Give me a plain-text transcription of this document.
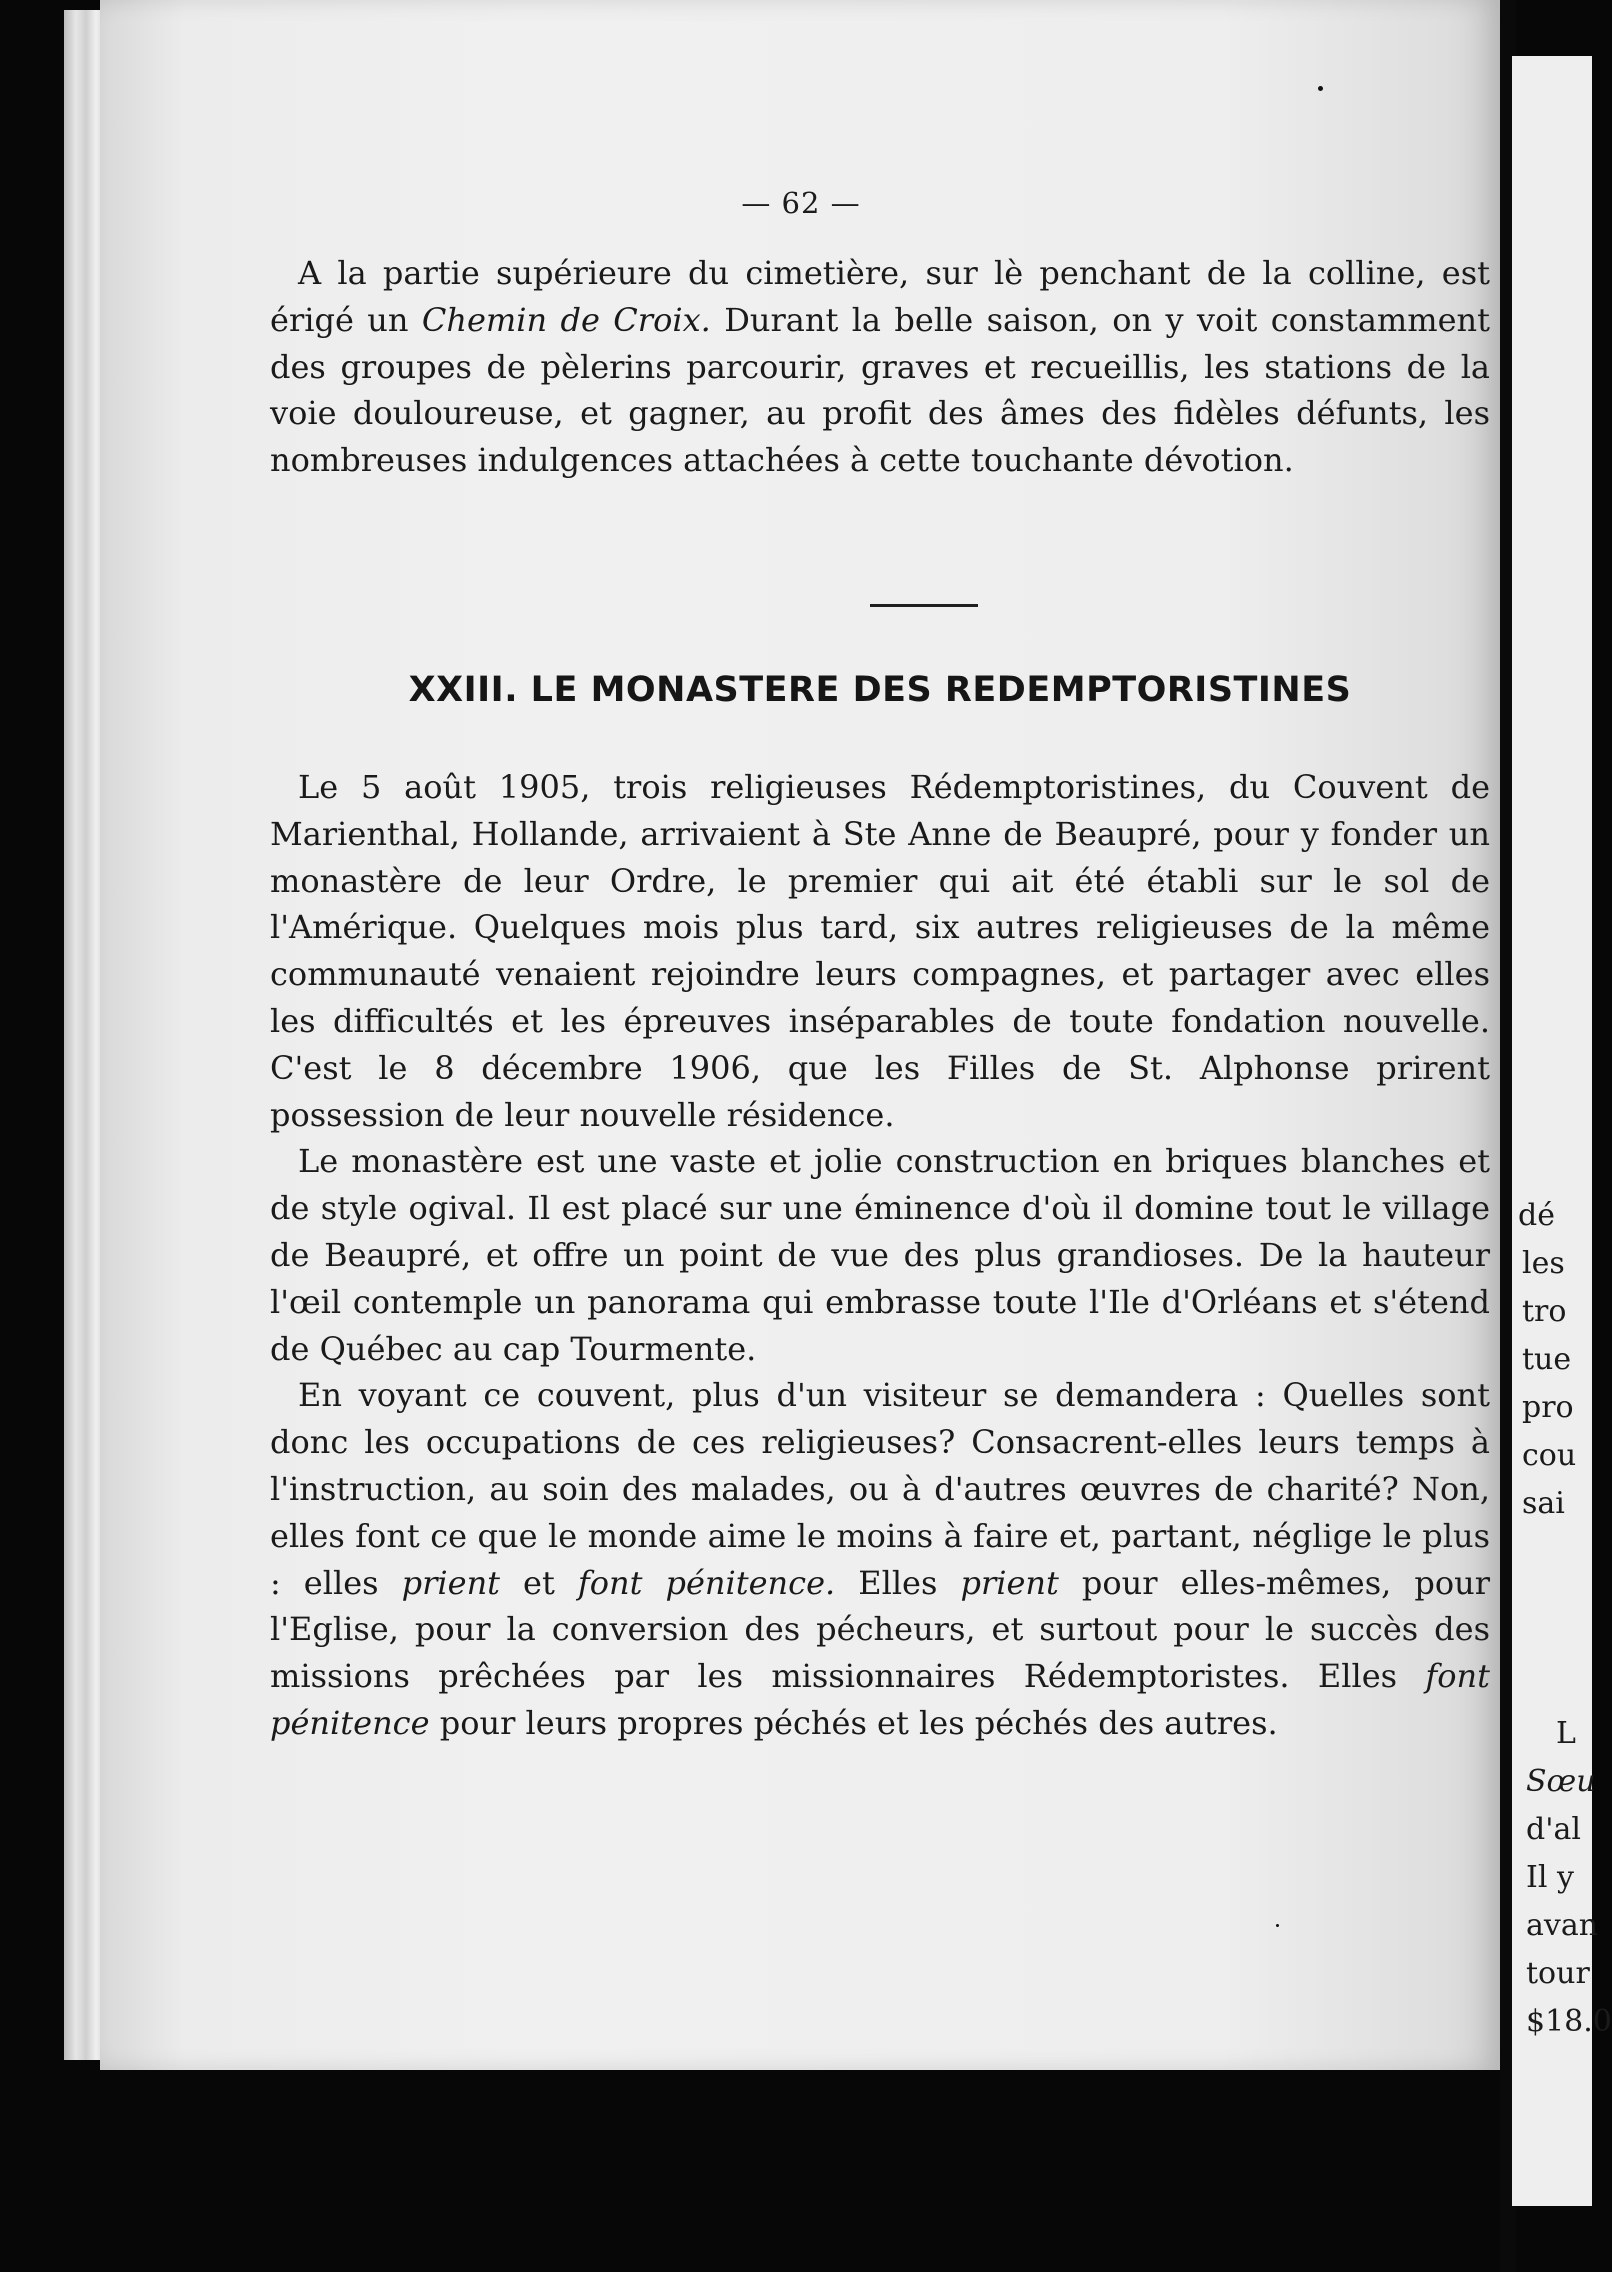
— 62 —

A la partie supérieure du cimetière, sur lè penchant de la colline, est érigé un Chemin de Croix. Durant la belle saison, on y voit constamment des groupes de pèlerins parcourir, graves et recueillis, les stations de la voie douloureuse, et gagner, au profit des âmes des fidèles défunts, les nombreuses indulgences attachées à cette touchante dévotion.

XXIII. LE MONASTERE DES REDEMPTORISTINES

Le 5 août 1905, trois religieuses Rédemptoristines, du Couvent de Marienthal, Hollande, arrivaient à Ste Anne de Beaupré, pour y fonder un monastère de leur Ordre, le premier qui ait été établi sur le sol de l'Amérique. Quelques mois plus tard, six autres religieuses de la même communauté venaient rejoindre leurs compagnes, et partager avec elles les difficultés et les épreuves inséparables de toute fondation nouvelle. C'est le 8 décembre 1906, que les Filles de St. Alphonse prirent possession de leur nouvelle résidence.

Le monastère est une vaste et jolie construction en briques blanches et de style ogival. Il est placé sur une éminence d'où il domine tout le village de Beaupré, et offre un point de vue des plus grandioses. De la hauteur l'œil contemple un panorama qui embrasse toute l'Ile d'Orléans et s'étend de Québec au cap Tourmente.

En voyant ce couvent, plus d'un visiteur se demandera : Quelles sont donc les occupations de ces religieuses? Consacrent-elles leurs temps à l'instruction, au soin des malades, ou à d'autres œuvres de charité? Non, elles font ce que le monde aime le moins à faire et, partant, néglige le plus : elles prient et font pénitence. Elles prient pour elles-mêmes, pour l'Eglise, pour la conversion des pécheurs, et surtout pour le succès des missions prêchées par les missionnaires Rédemptoristes. Elles font pénitence pour leurs propres péchés et les péchés des autres.

dé
les
tro
tue
pro
cou
sai
L
Sœu
d'al
Il y
avan
tour
$18.0
